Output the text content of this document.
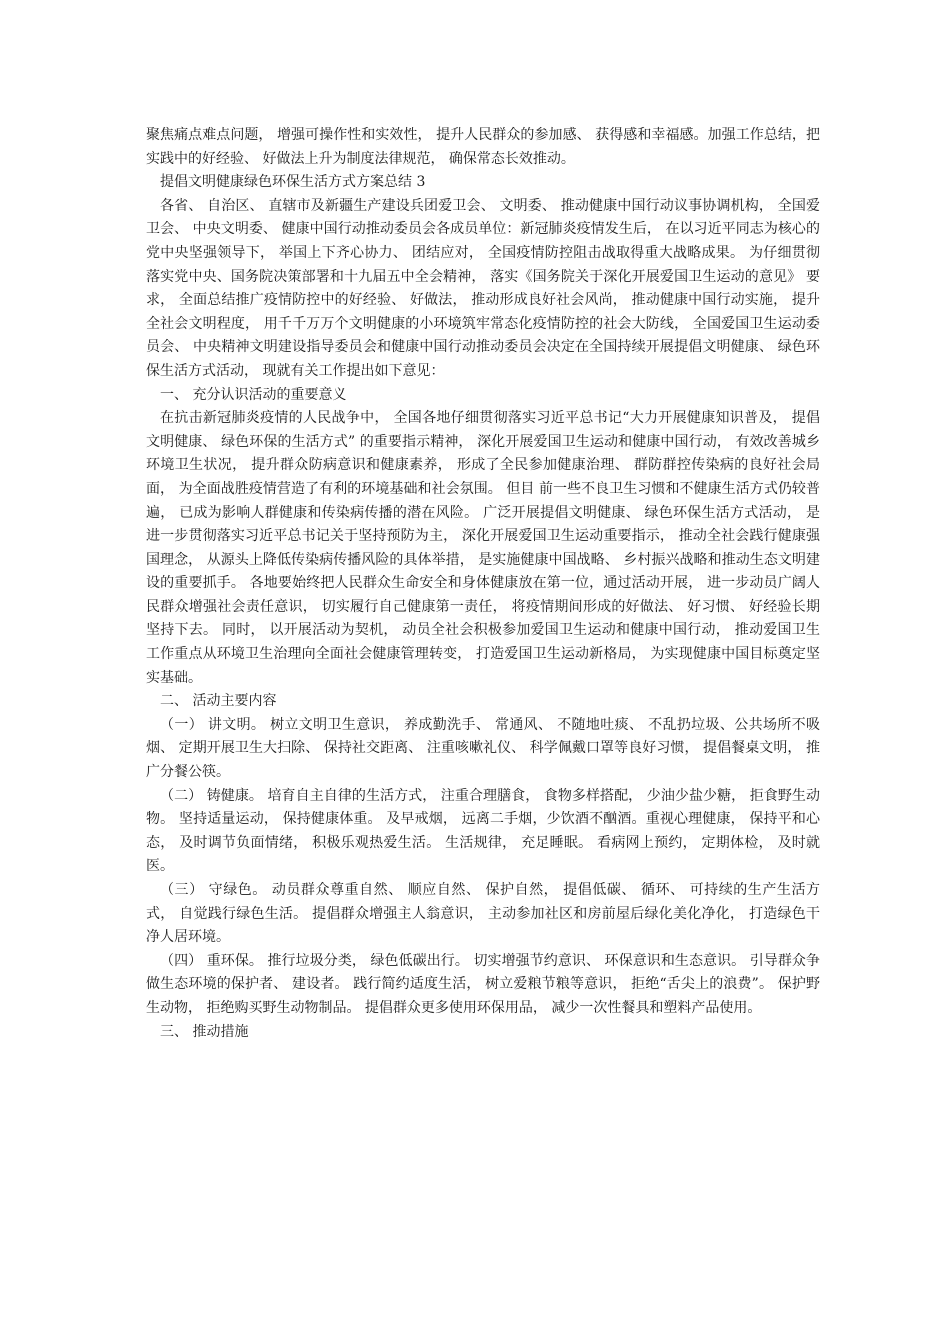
聚焦痛点难点问题， 增强可操作性和实效性， 提升人民群众的参加感、 获得感和幸福感。加强工作总结，把实践中的好经验、 好做法上升为制度法律规范， 确保常态长效推动。

提倡文明健康绿色环保生活方式方案总结 3

各省、 自治区、 直辖市及新疆生产建设兵团爱卫会、 文明委、 推动健康中国行动议事协调机构， 全国爱卫会、 中央文明委、 健康中国行动推动委员会各成员单位：新冠肺炎疫情发生后， 在以习近平同志为核心的党中央坚强领导下， 举国上下齐心协力、 团结应对， 全国疫情防控阻击战取得重大战略成果。 为仔细贯彻落实党中央、国务院决策部署和十九届五中全会精神， 落实《国务院关于深化开展爱国卫生运动的意见》 要求， 全面总结推广疫情防控中的好经验、 好做法， 推动形成良好社会风尚， 推动健康中国行动实施， 提升全社会文明程度， 用千千万万个文明健康的小环境筑牢常态化疫情防控的社会大防线， 全国爱国卫生运动委员会、 中央精神文明建设指导委员会和健康中国行动推动委员会决定在全国持续开展提倡文明健康、 绿色环保生活方式活动， 现就有关工作提出如下意见：

一、 充分认识活动的重要意义

在抗击新冠肺炎疫情的人民战争中， 全国各地仔细贯彻落实习近平总书记“大力开展健康知识普及， 提倡文明健康、 绿色环保的生活方式” 的重要指示精神， 深化开展爱国卫生运动和健康中国行动， 有效改善城乡环境卫生状况， 提升群众防病意识和健康素养， 形成了全民参加健康治理、 群防群控传染病的良好社会局面， 为全面战胜疫情营造了有利的环境基础和社会氛围。 但目 前一些不良卫生习惯和不健康生活方式仍较普遍， 已成为影响人群健康和传染病传播的潜在风险。 广泛开展提倡文明健康、 绿色环保生活方式活动， 是进一步贯彻落实习近平总书记关于坚持预防为主， 深化开展爱国卫生运动重要指示， 推动全社会践行健康强国理念， 从源头上降低传染病传播风险的具体举措， 是实施健康中国战略、 乡村振兴战略和推动生态文明建设的重要抓手。 各地要始终把人民群众生命安全和身体健康放在第一位，通过活动开展， 进一步动员广阔人民群众增强社会责任意识， 切实履行自己健康第一责任， 将疫情期间形成的好做法、 好习惯、 好经验长期坚持下去。 同时， 以开展活动为契机， 动员全社会积极参加爱国卫生运动和健康中国行动， 推动爱国卫生工作重点从环境卫生治理向全面社会健康管理转变， 打造爱国卫生运动新格局， 为实现健康中国目标奠定坚实基础。

二、 活动主要内容

（一） 讲文明。 树立文明卫生意识， 养成勤洗手、 常通风、 不随地吐痰、 不乱扔垃圾、公共场所不吸烟、 定期开展卫生大扫除、 保持社交距离、 注重咳嗽礼仪、 科学佩戴口罩等良好习惯， 提倡餐桌文明， 推广分餐公筷。

（二） 铸健康。 培育自主自律的生活方式， 注重合理膳食， 食物多样搭配， 少油少盐少糖， 拒食野生动物。 坚持适量运动， 保持健康体重。 及早戒烟， 远离二手烟，少饮酒不酗酒。重视心理健康， 保持平和心态， 及时调节负面情绪， 积极乐观热爱生活。 生活规律， 充足睡眠。 看病网上预约， 定期体检， 及时就医。

（三） 守绿色。 动员群众尊重自然、 顺应自然、 保护自然， 提倡低碳、 循环、 可持续的生产生活方式， 自觉践行绿色生活。 提倡群众增强主人翁意识， 主动参加社区和房前屋后绿化美化净化， 打造绿色干净人居环境。

（四） 重环保。 推行垃圾分类， 绿色低碳出行。 切实增强节约意识、 环保意识和生态意识。 引导群众争做生态环境的保护者、 建设者。 践行简约适度生活， 树立爱粮节粮等意识， 拒绝“舌尖上的浪费”。 保护野生动物， 拒绝购买野生动物制品。 提倡群众更多使用环保用品， 减少一次性餐具和塑料产品使用。

三、 推动措施
